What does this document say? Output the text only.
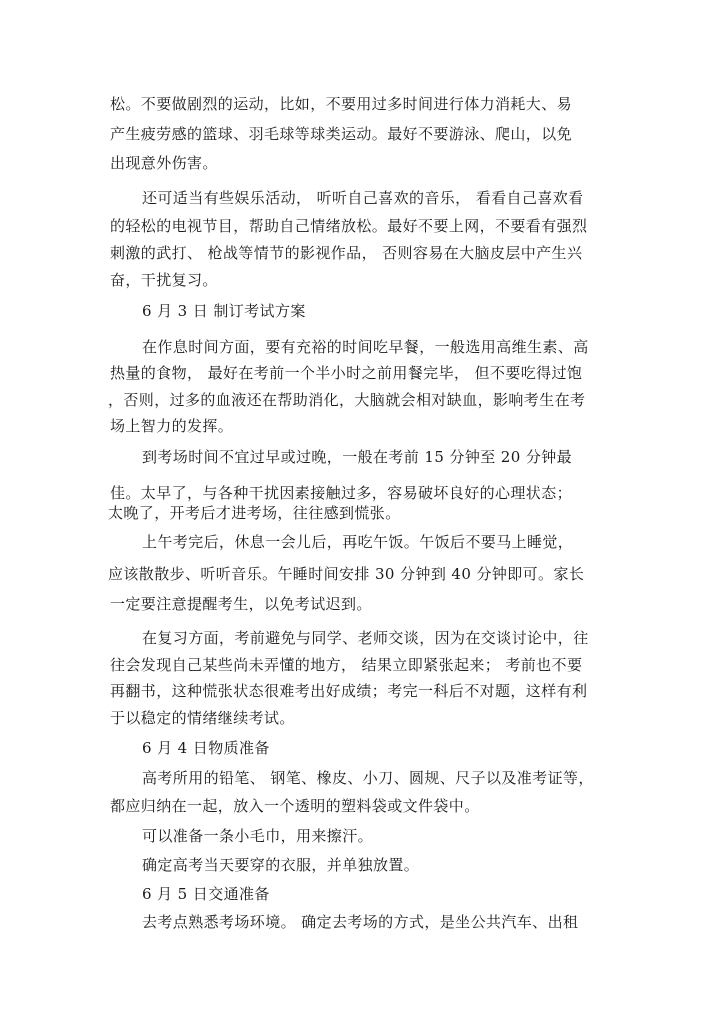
松。不要做剧烈的运动，比如，不要用过多时间进行体力消耗大、易
产生疲劳感的篮球、羽毛球等球类运动。最好不要游泳、爬山，以免
出现意外伤害。
还可适当有些娱乐活动， 听听自己喜欢的音乐， 看看自己喜欢看
的轻松的电视节目，帮助自己情绪放松。最好不要上网，不要看有强烈
刺激的武打、 枪战等情节的影视作品， 否则容易在大脑皮层中产生兴
奋，干扰复习。
6 月 3 日 制订考试方案
在作息时间方面，要有充裕的时间吃早餐，一般选用高维生素、高
热量的食物， 最好在考前一个半小时之前用餐完毕， 但不要吃得过饱
，否则，过多的血液还在帮助消化，大脑就会相对缺血，影响考生在考
场上智力的发挥。
到考场时间不宜过早或过晚，一般在考前 15 分钟至 20 分钟最
佳。太早了，与各种干扰因素接触过多，容易破坏良好的心理状态；
太晚了，开考后才进考场，往往感到慌张。
上午考完后，休息一会儿后，再吃午饭。午饭后不要马上睡觉，
应该散散步、听听音乐。午睡时间安排 30 分钟到 40 分钟即可。家长
一定要注意提醒考生，以免考试迟到。
在复习方面，考前避免与同学、老师交谈，因为在交谈讨论中，往
往会发现自己某些尚未弄懂的地方， 结果立即紧张起来； 考前也不要
再翻书，这种慌张状态很难考出好成绩；考完一科后不对题，这样有利
于以稳定的情绪继续考试。
6 月 4 日物质准备
高考所用的铅笔、 钢笔、橡皮、小刀、圆规、尺子以及准考证等，
都应归纳在一起，放入一个透明的塑料袋或文件袋中。
可以准备一条小毛巾，用来擦汗。
确定高考当天要穿的衣服，并单独放置。
6 月 5 日交通准备
去考点熟悉考场环境。 确定去考场的方式，是坐公共汽车、出租
